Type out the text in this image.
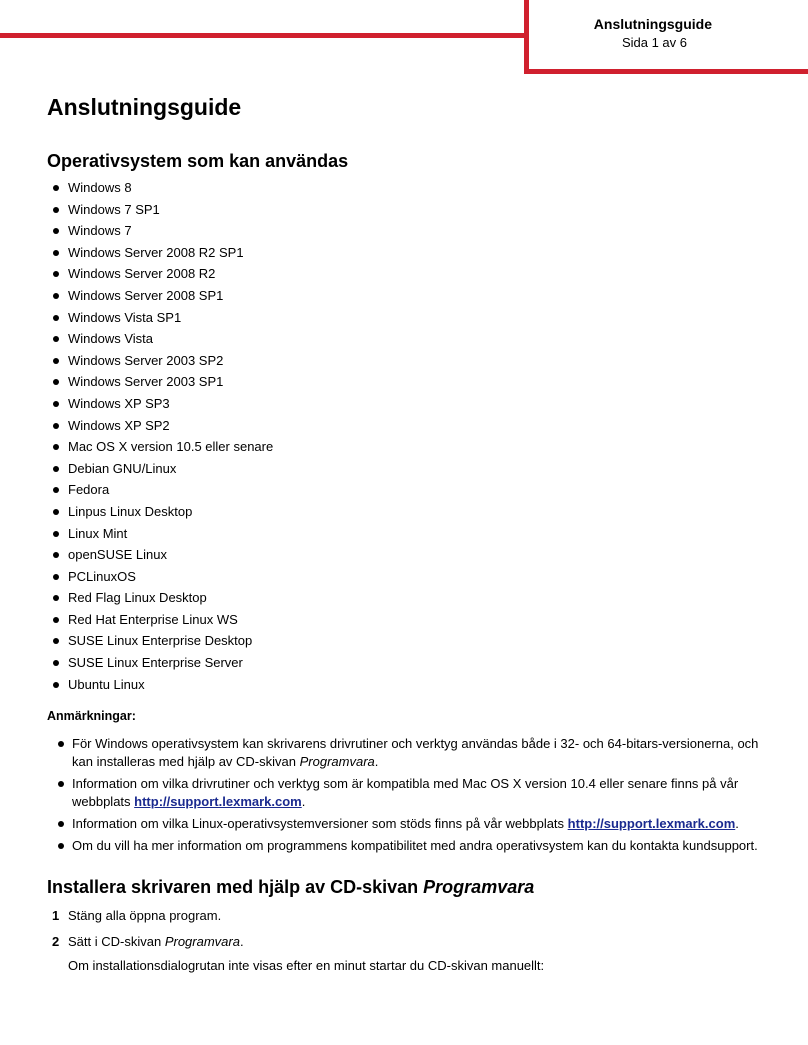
Anslutningsguide
Sida 1 av 6
Anslutningsguide
Operativsystem som kan användas
Windows 8
Windows 7 SP1
Windows 7
Windows Server 2008 R2 SP1
Windows Server 2008 R2
Windows Server 2008 SP1
Windows Vista SP1
Windows Vista
Windows Server 2003 SP2
Windows Server 2003 SP1
Windows XP SP3
Windows XP SP2
Mac OS X version 10.5 eller senare
Debian GNU/Linux
Fedora
Linpus Linux Desktop
Linux Mint
openSUSE Linux
PCLinuxOS
Red Flag Linux Desktop
Red Hat Enterprise Linux WS
SUSE Linux Enterprise Desktop
SUSE Linux Enterprise Server
Ubuntu Linux
Anmärkningar:
För Windows operativsystem kan skrivarens drivrutiner och verktyg användas både i 32‑ och 64‑bitars‑versionerna, och kan installeras med hjälp av CD‑skivan Programvara.
Information om vilka drivrutiner och verktyg som är kompatibla med Mac OS X version 10.4 eller senare finns på vår webbplats http://support.lexmark.com.
Information om vilka Linux‑operativsystemversioner som stöds finns på vår webbplats http://support.lexmark.com.
Om du vill ha mer information om programmens kompatibilitet med andra operativsystem kan du kontakta kundsupport.
Installera skrivaren med hjälp av CD-skivan Programvara
1 Stäng alla öppna program.
2 Sätt i CD‑skivan Programvara.
Om installationsdialogrutan inte visas efter en minut startar du CD-skivan manuellt:
